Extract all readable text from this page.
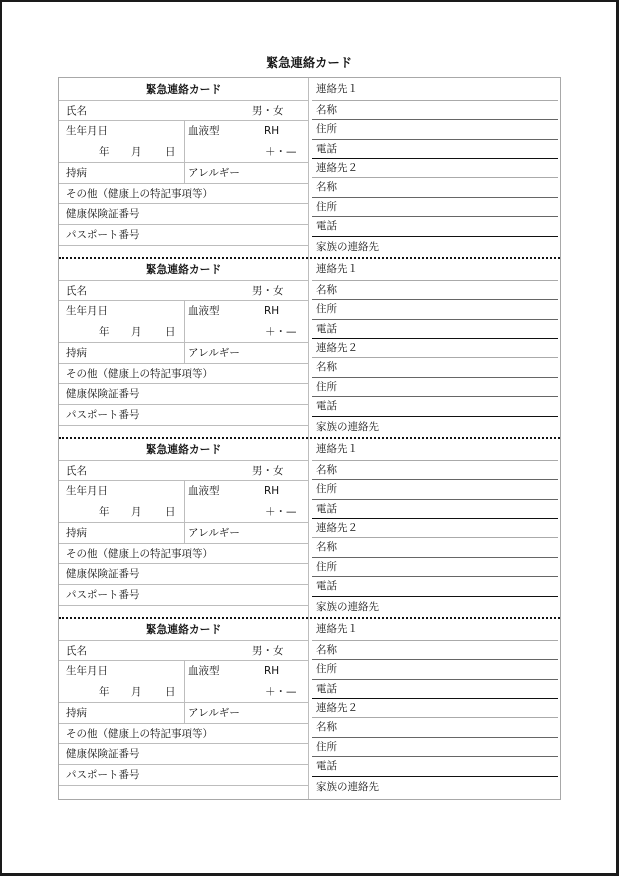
緊急連絡カード
緊急連絡カード
氏名	男・女
生年月日
年 月 日
血液型	RH
＋・—
持病	アレルギー
その他（健康上の特記事項等）
健康保険証番号
パスポート番号
連絡先１
名称
住所
電話
連絡先２
名称
住所
電話
家族の連絡先
緊急連絡カード
氏名	男・女
生年月日
年 月 日
血液型	RH
＋・—
持病	アレルギー
その他（健康上の特記事項等）
健康保険証番号
パスポート番号
連絡先１
名称
住所
電話
連絡先２
名称
住所
電話
家族の連絡先
緊急連絡カード
氏名	男・女
生年月日
年 月 日
血液型	RH
＋・—
持病	アレルギー
その他（健康上の特記事項等）
健康保険証番号
パスポート番号
連絡先１
名称
住所
電話
連絡先２
名称
住所
電話
家族の連絡先
緊急連絡カード
氏名	男・女
生年月日
年 月 日
血液型	RH
＋・—
持病	アレルギー
その他（健康上の特記事項等）
健康保険証番号
パスポート番号
連絡先１
名称
住所
電話
連絡先２
名称
住所
電話
家族の連絡先
